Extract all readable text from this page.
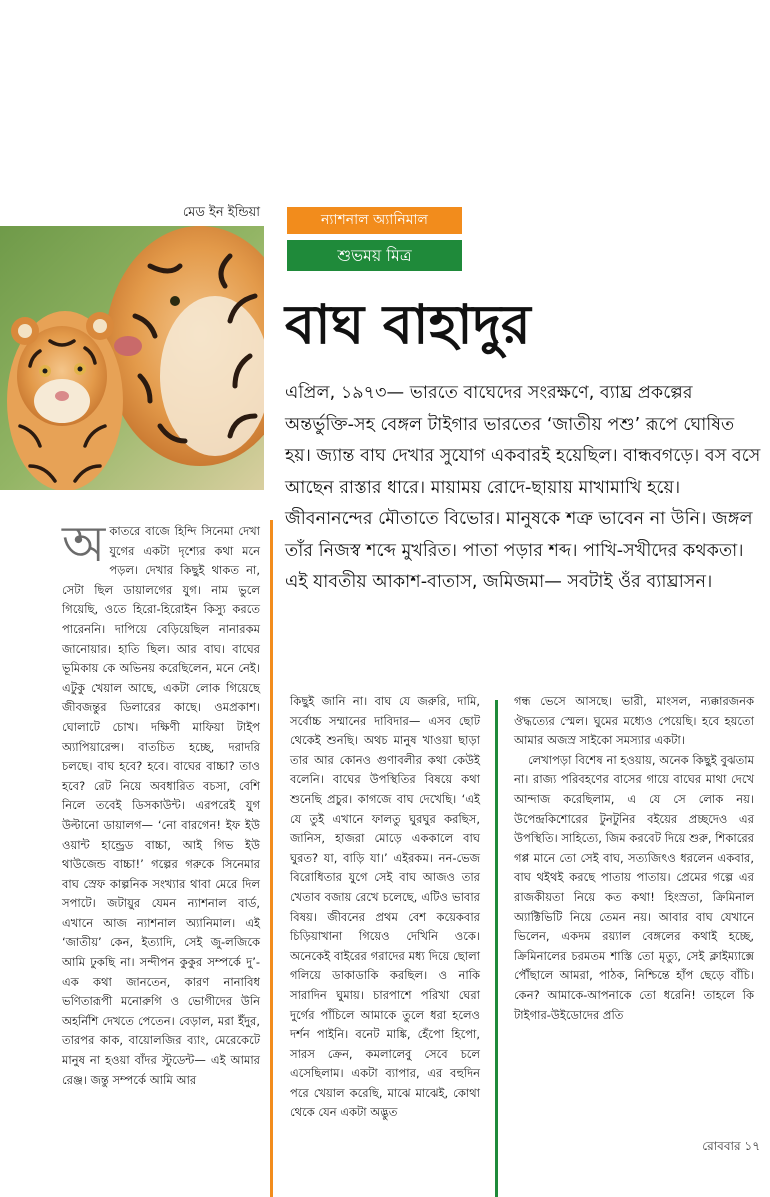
মেড ইন ইন্ডিয়া	ন্যাশনাল অ্যানিমাল
শুভময় মিত্র
বাঘ বাহাদুর

এপ্রিল, ১৯৭৩— ভারতে বাঘেদের সংরক্ষণে, ব্যাঘ্র প্রকল্পের অন্তর্ভুক্তি-সহ বেঙ্গল টাইগার ভারতের ‘জাতীয় পশু’ রূপে ঘোষিত হয়। জ্যান্ত বাঘ দেখার সুযোগ একবারই হয়েছিল। বান্ধবগড়ে। বস বসে আছেন রাস্তার ধারে। মায়াময় রোদে-ছায়ায় মাখামাখি হয়ে। জীবনানন্দের মৌতাতে বিভোর। মানুষকে শত্রু ভাবেন না উনি। জঙ্গল তাঁর নিজস্ব শব্দে মুখরিত। পাতা পড়ার শব্দ। পাখি-সখীদের কথকতা। এই যাবতীয় আকাশ-বাতাস, জমিজমা— সবটাই ওঁর ব্যাঘ্রাসন।

অকাতরে বাজে হিন্দি সিনেমা দেখা যুগের একটা দৃশ্যের কথা মনে পড়ল। দেখার কিছুই থাকত না, সেটা ছিল ডায়ালগের যুগ। নাম ভুলে গিয়েছি, ওতে হিরো-হিরোইন কিস্যু করতে পারেননি। দাপিয়ে বেড়িয়েছিল নানারকম জানোয়ার। হাতি ছিল। আর বাঘ। বাঘের ভূমিকায় কে অভিনয় করেছিলেন, মনে নেই। এটুকু খেয়াল আছে, একটা লোক গিয়েছে জীবজন্তুর ডিলারের কাছে। ওমপ্রকাশ। ঘোলাটে চোখ। দক্ষিণী মাফিয়া টাইপ অ্যাপিয়ারেন্স। বাতচিত হচ্ছে, দরাদরি চলছে। বাঘ হবে? হবে। বাঘের বাচ্চা? তাও হবে? রেট নিয়ে অবধারিত বচসা, বেশি নিলে তবেই ডিসকাউন্ট। এরপরেই যুগ উল্টানো ডায়ালগ— ‘নো বারগেন! ইফ ইউ ওয়ান্ট হান্ড্রেড বাচ্চা, আই গিভ ইউ থাউজেন্ড বাচ্চা!’ গল্পের গরুকে সিনেমার বাঘ স্রেফ কাল্পনিক সংখ্যার থাবা মেরে দিল সপাটে। জটায়ুর যেমন ন্যাশনাল বার্ড, এখানে আজ ন্যাশনাল অ্যানিমাল। এই ‘জাতীয়’ কেন, ইত্যাদি, সেই জু-লজিকে আমি ঢুকছি না। সন্দীপন কুকুর সম্পর্কে দু’-এক কথা জানতেন, কারণ নানাবিধ ভণিতারূপী মনোরুগি ও ভোগীদের উনি অহর্নিশি দেখতে পেতেন। বেড়াল, মরা ইঁদুর, তারপর কাক, বায়োলজির ব্যাং, মেরেকেটে মানুষ না হওয়া বাঁদর স্টুডেন্ট— এই আমার রেঞ্জ। জন্তু সম্পর্কে আমি আর
কিছুই জানি না। বাঘ যে জরুরি, দামি, সর্বোচ্চ সম্মানের দাবিদার— এসব ছোট থেকেই শুনছি। অথচ মানুষ খাওয়া ছাড়া তার আর কোনও গুণাবলীর কথা কেউই বলেনি। বাঘের উপস্থিতির বিষয়ে কথা শুনেছি প্রচুর। কাগজে বাঘ দেখেছি। ‘এই যে তুই এখানে ফালতু ঘুরঘুর করছিস, জানিস, হাজরা মোড়ে এককালে বাঘ ঘুরত? যা, বাড়ি যা।’ এইরকম। নন-ভেজ বিরোধিতার যুগে সেই বাঘ আজও তার খেতাব বজায় রেখে চলেছে, এটিও ভাবার বিষয়। জীবনের প্রথম বেশ কয়েকবার চিড়িয়াখানা গিয়েও দেখিনি ওকে। অনেকেই বাইরের গরাদের মধ্য দিয়ে ছোলা গলিয়ে ডাকাডাকি করছিল। ও নাকি সারাদিন ঘুমায়। চারপাশে পরিখা ঘেরা দুর্গের পাঁচিলে আমাকে তুলে ধরা হলেও দর্শন পাইনি। বনেট মাঙ্কি, হেঁপো হিপো, সারস ক্রেন, কমলালেবু সেবে চলে এসেছিলাম। একটা ব্যাপার, এর বহুদিন পরে খেয়াল করেছি, মাঝে মাঝেই, কোথা থেকে যেন একটা অদ্ভুত

গন্ধ ভেসে আসছে। ভারী, মাংসল, ন্যক্কারজনক ঔদ্ধত্যের স্মেল। ঘুমের মধ্যেও পেয়েছি। হবে হয়তো আমার অজস্র সাইকো সমস্যার একটা।

লেখাপড়া বিশেষ না হওয়ায়, অনেক কিছুই বুঝতাম না। রাজ্য পরিবহণের বাসের গায়ে বাঘের মাথা দেখে আন্দাজ করেছিলাম, এ যে সে লোক নয়। উপেন্দ্রকিশোরের টুনটুনির বইয়ের প্রচ্ছদেও এর উপস্থিতি। সাহিত্যে, জিম করবেট দিয়ে শুরু, শিকারের গপ্প মানে তো সেই বাঘ, সত্যজিৎও ধরলেন একবার, বাঘ থইথই করছে পাতায় পাতায়। প্রেমের গল্পে এর রাজকীয়তা নিয়ে কত কথা! হিংস্রতা, ক্রিমিনাল অ্যাক্টিভিটি নিয়ে তেমন নয়। আবার বাঘ যেখানে ভিলেন, একদম রয়্যাল বেঙ্গলের কথাই হচ্ছে, ক্রিমিনালের চরমতম শাস্তি তো মৃত্যু, সেই ক্লাইম্যাক্সে পৌঁছালে আমরা, পাঠক, নিশ্চিন্তে হাঁপ ছেড়ে বাঁচি। কেন? আমাকে-আপনাকে তো ধরেনি! তাহলে কি টাইগার-উইডোদের প্রতি

রোববার ১৭
